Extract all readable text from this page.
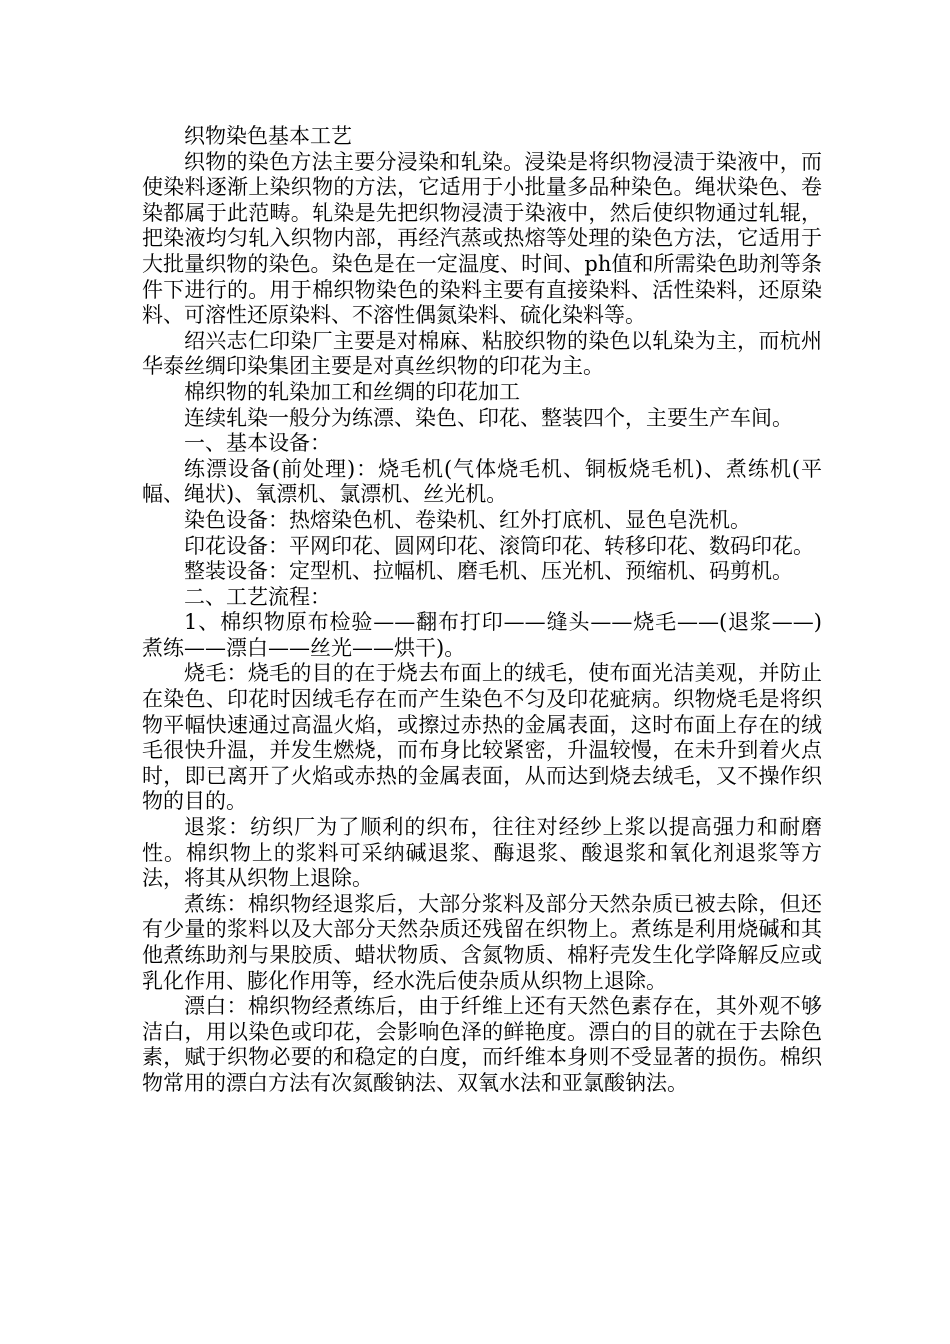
织物染色基本工艺

织物的染色方法主要分浸染和轧染。浸染是将织物浸渍于染液中，而使染料逐渐上染织物的方法，它适用于小批量多品种染色。绳状染色、卷染都属于此范畴。轧染是先把织物浸渍于染液中，然后使织物通过轧辊，把染液均匀轧入织物内部，再经汽蒸或热熔等处理的染色方法，它适用于大批量织物的染色。染色是在一定温度、时间、ph值和所需染色助剂等条件下进行的。用于棉织物染色的染料主要有直接染料、活性染料，还原染料、可溶性还原染料、不溶性偶氮染料、硫化染料等。

绍兴志仁印染厂主要是对棉麻、粘胶织物的染色以轧染为主，而杭州华泰丝绸印染集团主要是对真丝织物的印花为主。

棉织物的轧染加工和丝绸的印花加工

连续轧染一般分为练漂、染色、印花、整装四个，主要生产车间。

一、基本设备：

练漂设备(前处理)：烧毛机(气体烧毛机、铜板烧毛机)、煮练机(平幅、绳状)、氧漂机、氯漂机、丝光机。

染色设备：热熔染色机、卷染机、红外打底机、显色皂洗机。

印花设备：平网印花、圆网印花、滚筒印花、转移印花、数码印花。

整装设备：定型机、拉幅机、磨毛机、压光机、预缩机、码剪机。

二、工艺流程：

1、棉织物原布检验——翻布打印——缝头——烧毛——(退浆——)煮练——漂白——丝光——烘干)。

烧毛：烧毛的目的在于烧去布面上的绒毛，使布面光洁美观，并防止在染色、印花时因绒毛存在而产生染色不匀及印花疵病。织物烧毛是将织物平幅快速通过高温火焰，或擦过赤热的金属表面，这时布面上存在的绒毛很快升温，并发生燃烧，而布身比较紧密，升温较慢，在未升到着火点时，即已离开了火焰或赤热的金属表面，从而达到烧去绒毛，又不操作织物的目的。

退浆：纺织厂为了顺利的织布，往往对经纱上浆以提高强力和耐磨性。棉织物上的浆料可采纳碱退浆、酶退浆、酸退浆和氧化剂退浆等方法，将其从织物上退除。

煮练：棉织物经退浆后，大部分浆料及部分天然杂质已被去除，但还有少量的浆料以及大部分天然杂质还残留在织物上。煮练是利用烧碱和其他煮练助剂与果胶质、蜡状物质、含氮物质、棉籽壳发生化学降解反应或乳化作用、膨化作用等，经水洗后使杂质从织物上退除。

漂白：棉织物经煮练后，由于纤维上还有天然色素存在，其外观不够洁白，用以染色或印花，会影响色泽的鲜艳度。漂白的目的就在于去除色素，赋于织物必要的和稳定的白度，而纤维本身则不受显著的损伤。棉织物常用的漂白方法有次氮酸钠法、双氧水法和亚氯酸钠法。
